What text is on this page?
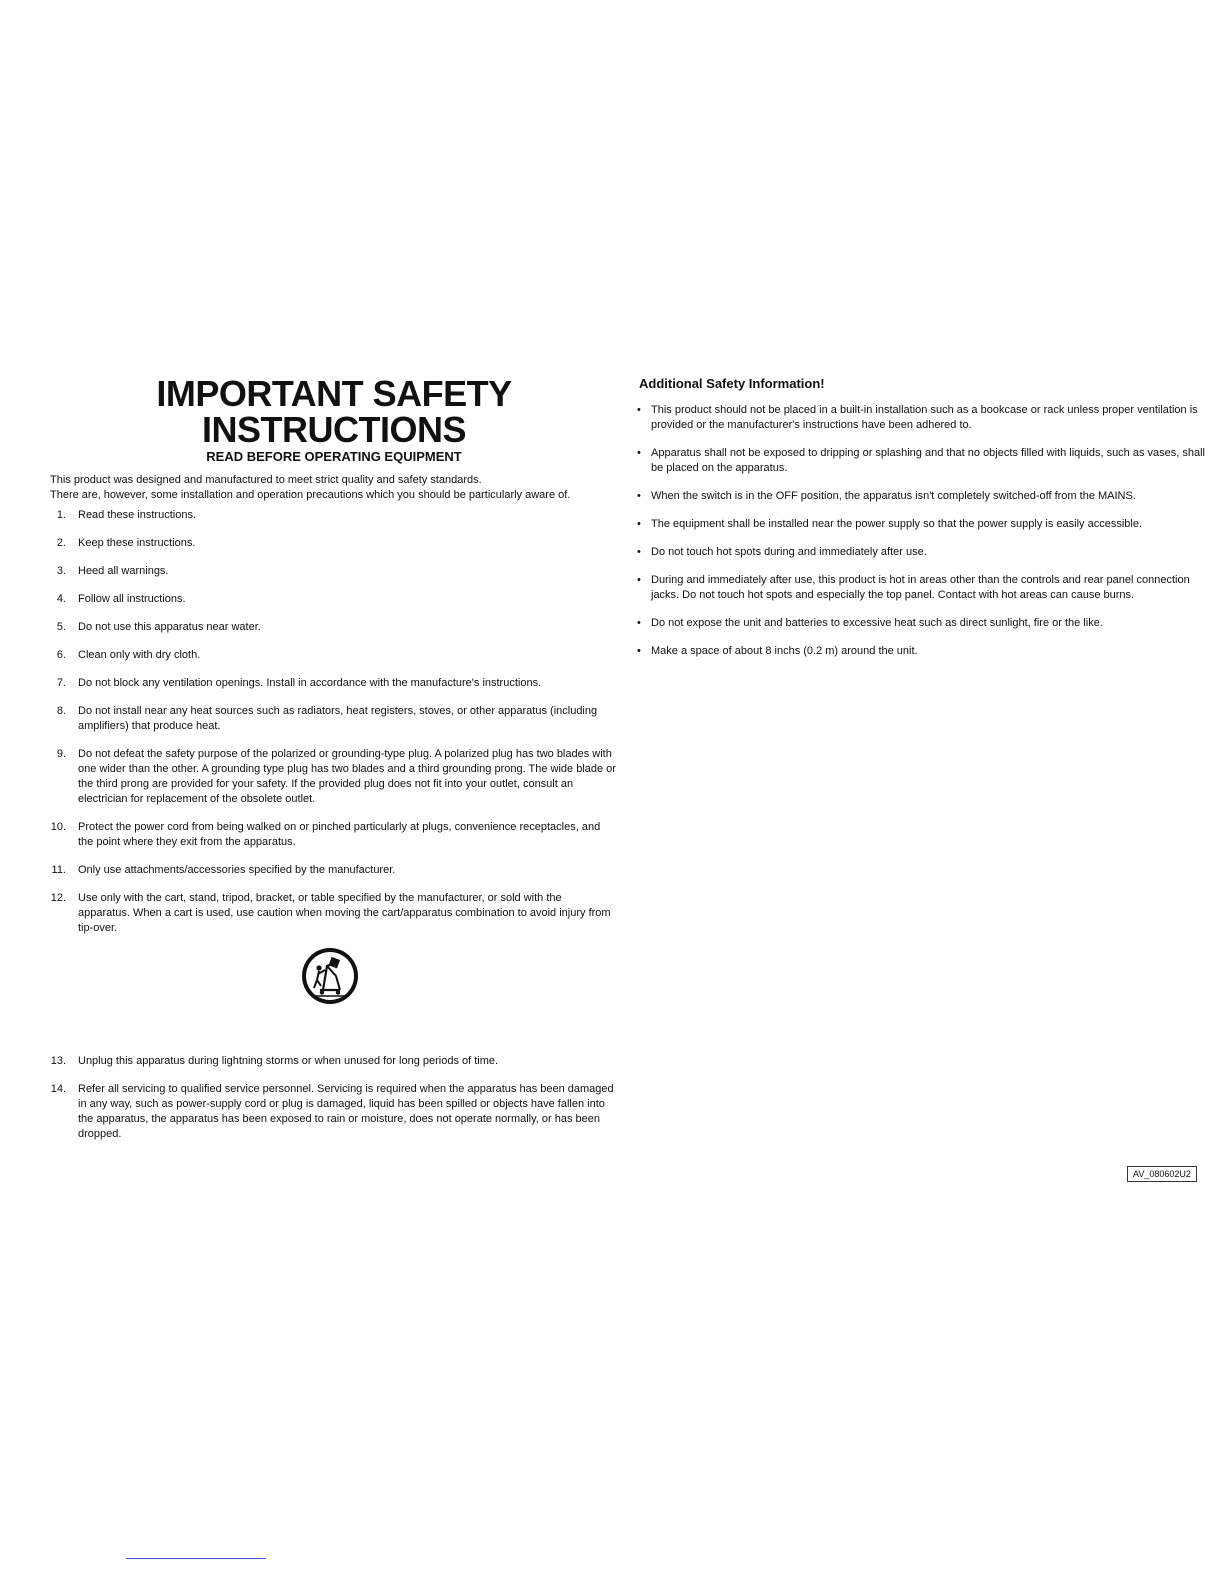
IMPORTANT SAFETY
INSTRUCTIONS
READ BEFORE OPERATING EQUIPMENT
This product was designed and manufactured to meet strict quality and safety standards.
There are, however, some installation and operation precautions which you should be particularly aware of.
1. Read these instructions.
2. Keep these instructions.
3. Heed all warnings.
4. Follow all instructions.
5. Do not use this apparatus near water.
6. Clean only with dry cloth.
7. Do not block any ventilation openings. Install in accordance with the manufacture's instructions.
8. Do not install near any heat sources such as radiators, heat registers, stoves, or other apparatus (including amplifiers) that produce heat.
9. Do not defeat the safety purpose of the polarized or grounding-type plug. A polarized plug has two blades with one wider than the other. A grounding type plug has two blades and a third grounding prong. The wide blade or the third prong are provided for your safety. If the provided plug does not fit into your outlet, consult an electrician for replacement of the obsolete outlet.
10. Protect the power cord from being walked on or pinched particularly at plugs, convenience receptacles, and the point where they exit from the apparatus.
11. Only use attachments/accessories specified by the manufacturer.
12. Use only with the cart, stand, tripod, bracket, or table specified by the manufacturer, or sold with the apparatus. When a cart is used, use caution when moving the cart/apparatus combination to avoid injury from tip-over.
13. Unplug this apparatus during lightning storms or when unused for long periods of time.
14. Refer all servicing to qualified service personnel. Servicing is required when the apparatus has been damaged in any way, such as power-supply cord or plug is damaged, liquid has been spilled or objects have fallen into the apparatus, the apparatus has been exposed to rain or moisture, does not operate normally, or has been dropped.
Additional Safety Information!
• This product should not be placed in a built-in installation such as a bookcase or rack unless proper ventilation is provided or the manufacturer's instructions have been adhered to.
• Apparatus shall not be exposed to dripping or splashing and that no objects filled with liquids, such as vases, shall be placed on the apparatus.
• When the switch is in the OFF position, the apparatus isn't completely switched-off from the MAINS.
• The equipment shall be installed near the power supply so that the power supply is easily accessible.
• Do not touch hot spots during and immediately after use.
• During and immediately after use, this product is hot in areas other than the controls and rear panel connection jacks. Do not touch hot spots and especially the top panel. Contact with hot areas can cause burns.
• Do not expose the unit and batteries to excessive heat such as direct sunlight, fire or the like.
• Make a space of about 8 inchs (0.2 m) around the unit.
AV_080602U2
